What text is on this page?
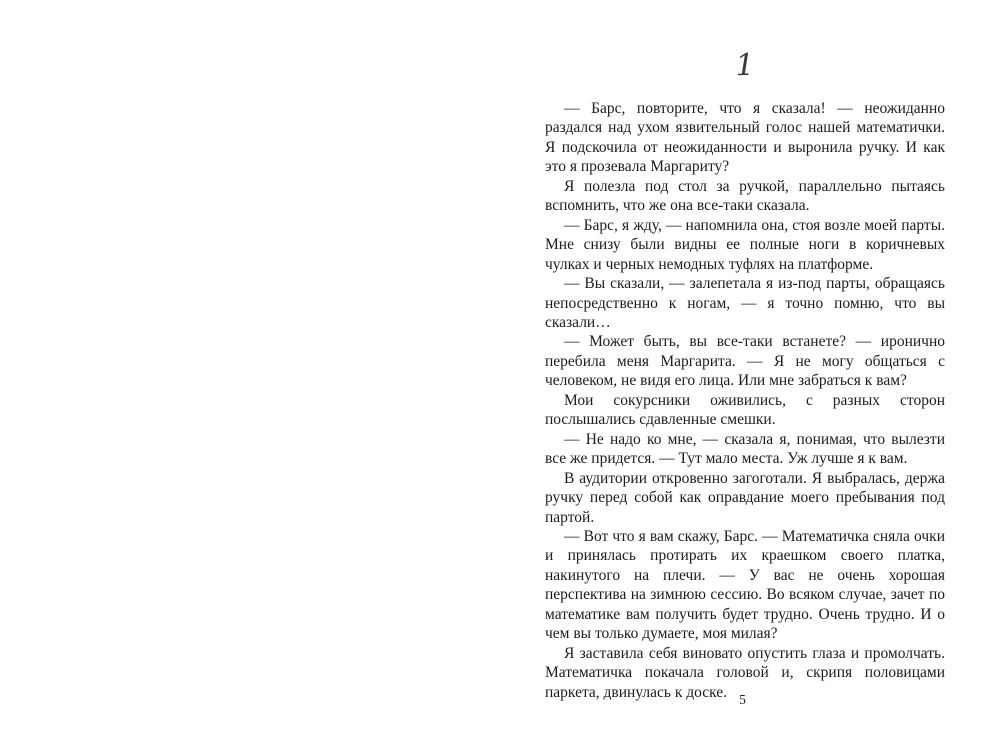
1

— Барс, повторите, что я сказала! — неожиданно раздался над ухом язвительный голос нашей математички. Я подскочила от неожиданности и выронила ручку. И как это я прозевала Маргариту?

Я полезла под стол за ручкой, параллельно пытаясь вспомнить, что же она все-таки сказала.

— Барс, я жду, — напомнила она, стоя возле моей парты. Мне снизу были видны ее полные ноги в коричневых чулках и черных немодных туфлях на платформе.

— Вы сказали, — залепетала я из-под парты, обращаясь непосредственно к ногам, — я точно помню, что вы сказали…

— Может быть, вы все-таки встанете? — иронично перебила меня Маргарита. — Я не могу общаться с человеком, не видя его лица. Или мне забраться к вам?

Мои сокурсники оживились, с разных сторон послышались сдавленные смешки.

— Не надо ко мне, — сказала я, понимая, что вылезти все же придется. — Тут мало места. Уж лучше я к вам.

В аудитории откровенно загоготали. Я выбралась, держа ручку перед собой как оправдание моего пребывания под партой.

— Вот что я вам скажу, Барс. — Математичка сняла очки и принялась протирать их краешком своего платка, накинутого на плечи. — У вас не очень хорошая перспектива на зимнюю сессию. Во всяком случае, зачет по математике вам получить будет трудно. Очень трудно. И о чем вы только думаете, моя милая?

Я заставила себя виновато опустить глаза и промолчать. Математичка покачала головой и, скрипя половицами паркета, двинулась к доске. 5
